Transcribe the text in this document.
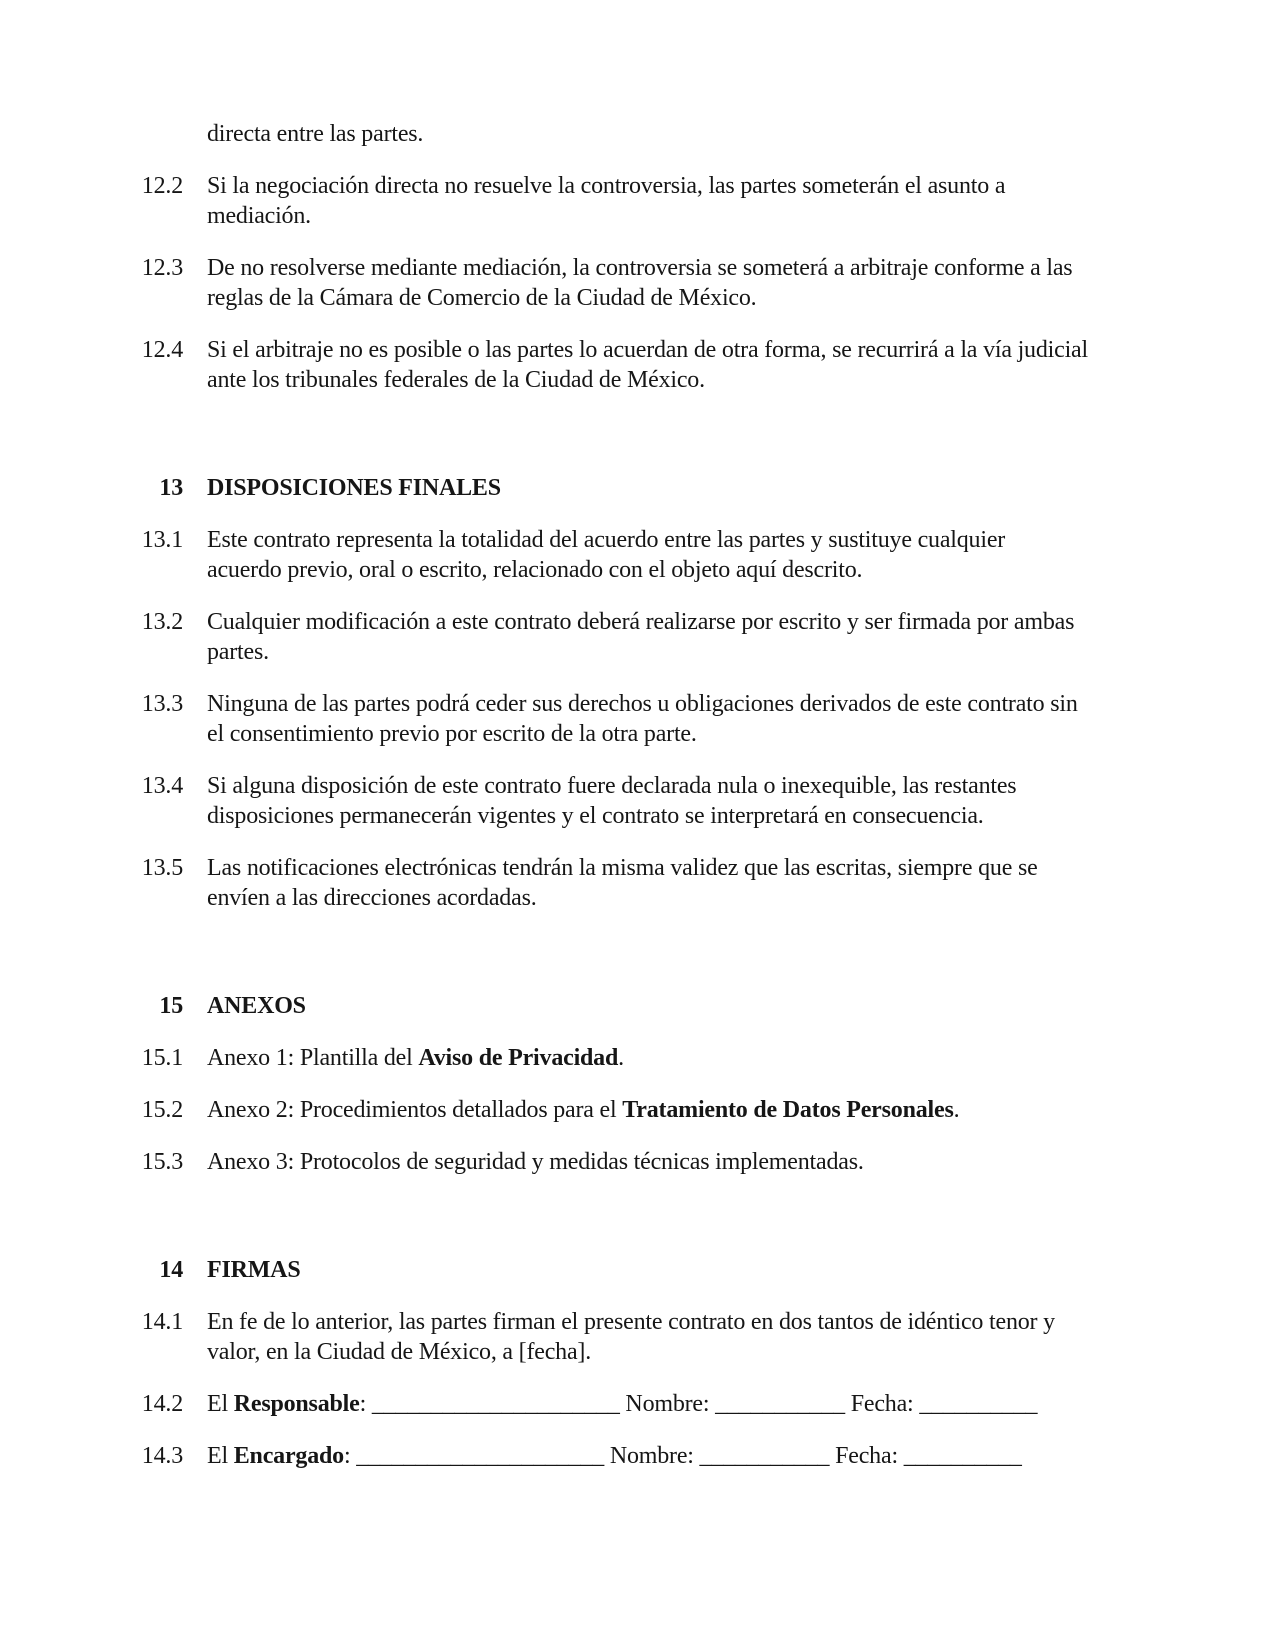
directa entre las partes.
12.2 Si la negociación directa no resuelve la controversia, las partes someterán el asunto a
mediación.
12.3 De no resolverse mediante mediación, la controversia se someterá a arbitraje conforme a las
reglas de la Cámara de Comercio de la Ciudad de México.
12.4 Si el arbitraje no es posible o las partes lo acuerdan de otra forma, se recurrirá a la vía judicial
ante los tribunales federales de la Ciudad de México.
13 DISPOSICIONES FINALES
13.1 Este contrato representa la totalidad del acuerdo entre las partes y sustituye cualquier
acuerdo previo, oral o escrito, relacionado con el objeto aquí descrito.
13.2 Cualquier modificación a este contrato deberá realizarse por escrito y ser firmada por ambas
partes.
13.3 Ninguna de las partes podrá ceder sus derechos u obligaciones derivados de este contrato sin
el consentimiento previo por escrito de la otra parte.
13.4 Si alguna disposición de este contrato fuere declarada nula o inexequible, las restantes
disposiciones permanecerán vigentes y el contrato se interpretará en consecuencia.
13.5 Las notificaciones electrónicas tendrán la misma validez que las escritas, siempre que se
envíen a las direcciones acordadas.
15 ANEXOS
15.1 Anexo 1: Plantilla del Aviso de Privacidad.
15.2 Anexo 2: Procedimientos detallados para el Tratamiento de Datos Personales.
15.3 Anexo 3: Protocolos de seguridad y medidas técnicas implementadas.
14 FIRMAS
14.1 En fe de lo anterior, las partes firman el presente contrato en dos tantos de idéntico tenor y
valor, en la Ciudad de México, a [fecha].
14.2 El Responsable: _____________________ Nombre: ___________ Fecha: __________
14.3 El Encargado: _____________________ Nombre: ___________ Fecha: __________
